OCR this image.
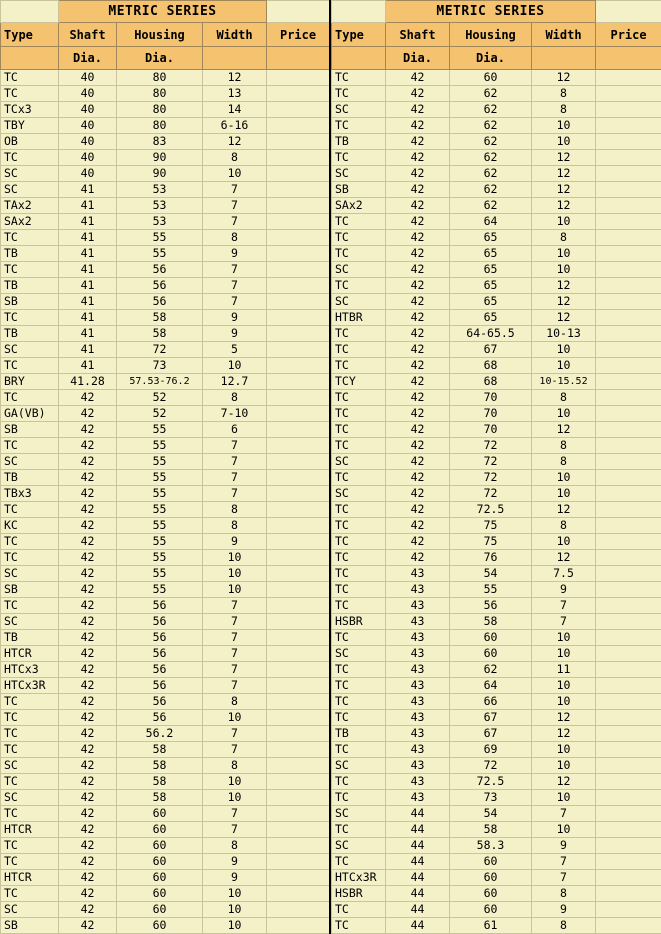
	METRIC SERIES			
Type	Shaft	Housing	Width	Price
	Dia.	Dia.		
TC	40	80	12	
TC	40	80	13	
TCx3	40	80	14	
TBY	40	80	6-16	
OB	40	83	12	
TC	40	90	8	
SC	40	90	10	
SC	41	53	7	
TAx2	41	53	7	
SAx2	41	53	7	
TC	41	55	8	
TB	41	55	9	
TC	41	56	7	
TB	41	56	7	
SB	41	56	7	
TC	41	58	9	
TB	41	58	9	
SC	41	72	5	
TC	41	73	10	
BRY	41.28	57.53-76.2	12.7	
TC	42	52	8	
GA(VB)	42	52	7-10	
SB	42	55	6	
TC	42	55	7	
SC	42	55	7	
TB	42	55	7	
TBx3	42	55	7	
TC	42	55	8	
KC	42	55	8	
TC	42	55	9	
TC	42	55	10	
SC	42	55	10	
SB	42	55	10	
TC	42	56	7	
SC	42	56	7	
TB	42	56	7	
HTCR	42	56	7	
HTCx3	42	56	7	
HTCx3R	42	56	7	
TC	42	56	8	
TC	42	56	10	
TC	42	56.2	7	
TC	42	58	7	
SC	42	58	8	
TC	42	58	10	
SC	42	58	10	
TC	42	60	7	
HTCR	42	60	7	
TC	42	60	8	
TC	42	60	9	
HTCR	42	60	9	
TC	42	60	10	
SC	42	60	10	
SB	42	60	10	
	METRIC SERIES			
Type	Shaft	Housing	Width	Price
	Dia.	Dia.		
TC	42	60	12	
TC	42	62	8	
SC	42	62	8	
TC	42	62	10	
TB	42	62	10	
TC	42	62	12	
SC	42	62	12	
SB	42	62	12	
SAx2	42	62	12	
TC	42	64	10	
TC	42	65	8	
TC	42	65	10	
SC	42	65	10	
TC	42	65	12	
SC	42	65	12	
HTBR	42	65	12	
TC	42	64-65.5	10-13	
TC	42	67	10	
TC	42	68	10	
TCY	42	68	10-15.52	
TC	42	70	8	
TC	42	70	10	
TC	42	70	12	
TC	42	72	8	
SC	42	72	8	
TC	42	72	10	
SC	42	72	10	
TC	42	72.5	12	
TC	42	75	8	
TC	42	75	10	
TC	42	76	12	
TC	43	54	7.5	
TC	43	55	9	
TC	43	56	7	
HSBR	43	58	7	
TC	43	60	10	
SC	43	60	10	
TC	43	62	11	
TC	43	64	10	
TC	43	66	10	
TC	43	67	12	
TB	43	67	12	
TC	43	69	10	
SC	43	72	10	
TC	43	72.5	12	
TC	43	73	10	
SC	44	54	7	
TC	44	58	10	
SC	44	58.3	9	
TC	44	60	7	
HTCx3R	44	60	7	
HSBR	44	60	8	
TC	44	60	9	
TC	44	61	8	
